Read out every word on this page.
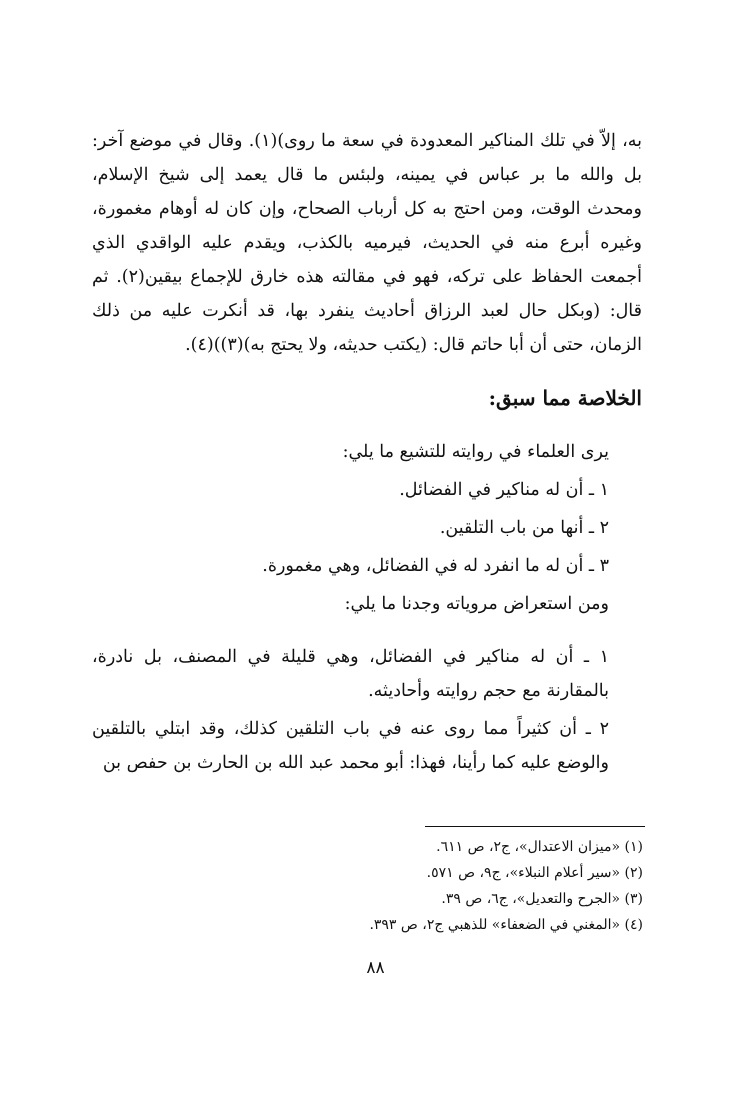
به، إلاّ في تلك المناكير المعدودة في سعة ما روى)(١). وقال في موضع آخر: بل والله ما بر عباس في يمينه، ولبئس ما قال يعمد إلى شيخ الإسلام، ومحدث الوقت، ومن احتج به كل أرباب الصحاح، وإن كان له أوهام مغمورة، وغيره أبرع منه في الحديث، فيرميه بالكذب، ويقدم عليه الواقدي الذي أجمعت الحفاظ على تركه، فهو في مقالته هذه خارق للإجماع بيقين(٢). ثم قال: (وبكل حال لعبد الرزاق أحاديث ينفرد بها، قد أنكرت عليه من ذلك الزمان، حتى أن أبا حاتم قال: (يكتب حديثه، ولا يحتج به)(٣))(٤).

الخلاصة مما سبق:

يرى العلماء في روايته للتشيع ما يلي:

١ ـ أن له مناكير في الفضائل.

٢ ـ أنها من باب التلقين.

٣ ـ أن له ما انفرد له في الفضائل، وهي مغمورة.

ومن استعراض مروياته وجدنا ما يلي:

١ ـ أن له مناكير في الفضائل، وهي قليلة في المصنف، بل نادرة، بالمقارنة مع حجم روايته وأحاديثه.

٢ ـ أن كثيراً مما روى عنه في باب التلقين كذلك، وقد ابتلي بالتلقين والوضع عليه كما رأينا، فهذا: أبو محمد عبد الله بن الحارث بن حفص بن

(١) «ميزان الاعتدال»، ج٢، ص ٦١١.

(٢) «سير أعلام النبلاء»، ج٩، ص ٥٧١.

(٣) «الجرح والتعديل»، ج٦، ص ٣٩.

(٤) «المغني في الضعفاء» للذهبي ج٢، ص ٣٩٣.

٨٨
